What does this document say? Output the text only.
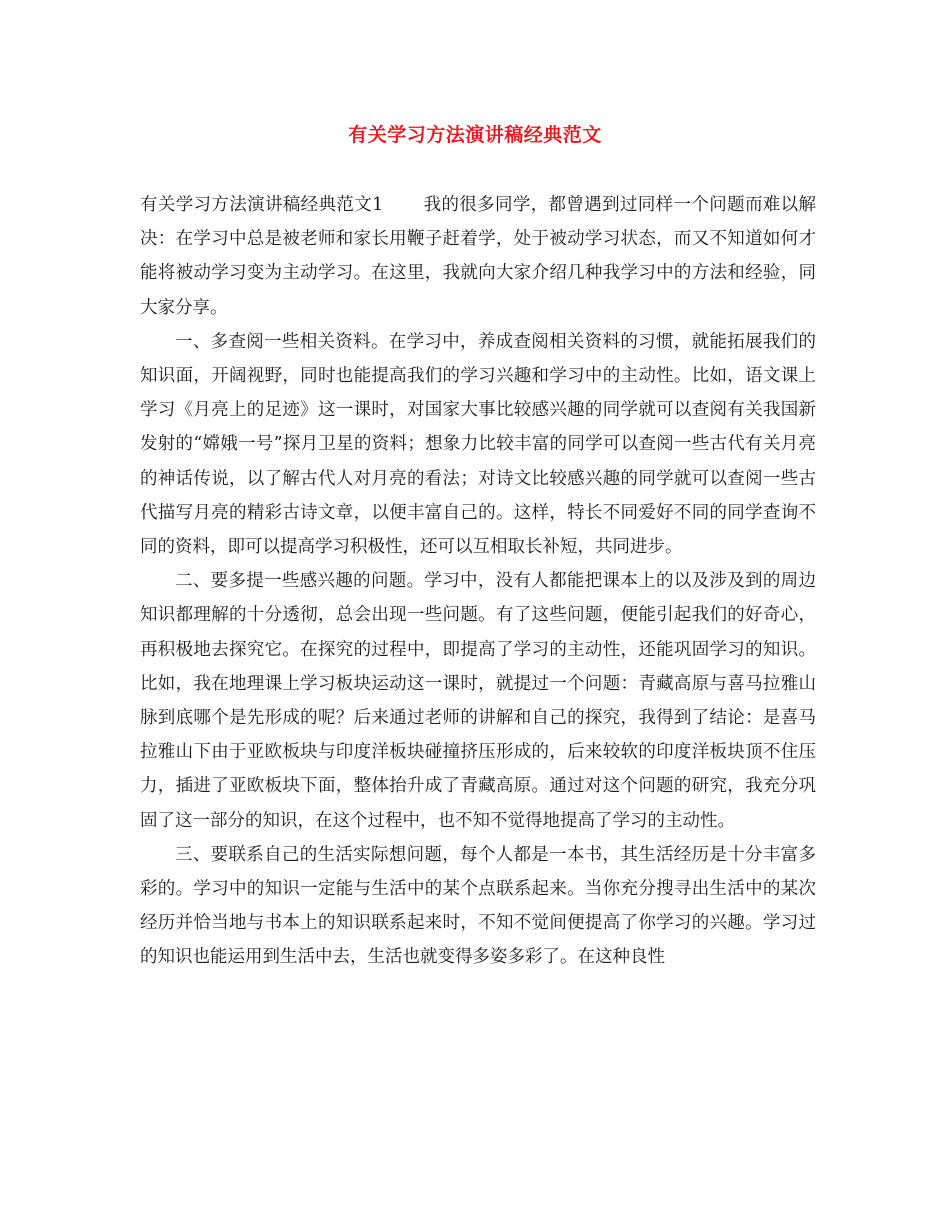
有关学习方法演讲稿经典范文

有关学习方法演讲稿经典范文1 我的很多同学，都曾遇到过同样一个问题而难以解决：在学习中总是被老师和家长用鞭子赶着学，处于被动学习状态，而又不知道如何才能将被动学习变为主动学习。在这里，我就向大家介绍几种我学习中的方法和经验，同大家分享。

一、多查阅一些相关资料。在学习中，养成查阅相关资料的习惯，就能拓展我们的知识面，开阔视野，同时也能提高我们的学习兴趣和学习中的主动性。比如，语文课上学习《月亮上的足迹》这一课时，对国家大事比较感兴趣的同学就可以查阅有关我国新发射的“嫦娥一号”探月卫星的资料；想象力比较丰富的同学可以查阅一些古代有关月亮的神话传说，以了解古代人对月亮的看法；对诗文比较感兴趣的同学就可以查阅一些古代描写月亮的精彩古诗文章，以便丰富自己的。这样，特长不同爱好不同的同学查询不同的资料，即可以提高学习积极性，还可以互相取长补短，共同进步。

二、要多提一些感兴趣的问题。学习中，没有人都能把课本上的以及涉及到的周边知识都理解的十分透彻，总会出现一些问题。有了这些问题，便能引起我们的好奇心，再积极地去探究它。在探究的过程中，即提高了学习的主动性，还能巩固学习的知识。比如，我在地理课上学习板块运动这一课时，就提过一个问题：青藏高原与喜马拉雅山脉到底哪个是先形成的呢？后来通过老师的讲解和自己的探究，我得到了结论：是喜马拉雅山下由于亚欧板块与印度洋板块碰撞挤压形成的，后来较软的印度洋板块顶不住压力，插进了亚欧板块下面，整体抬升成了青藏高原。通过对这个问题的研究，我充分巩固了这一部分的知识，在这个过程中，也不知不觉得地提高了学习的主动性。

三、要联系自己的生活实际想问题，每个人都是一本书，其生活经历是十分丰富多彩的。学习中的知识一定能与生活中的某个点联系起来。当你充分搜寻出生活中的某次经历并恰当地与书本上的知识联系起来时，不知不觉间便提高了你学习的兴趣。学习过的知识也能运用到生活中去，生活也就变得多姿多彩了。在这种良性
